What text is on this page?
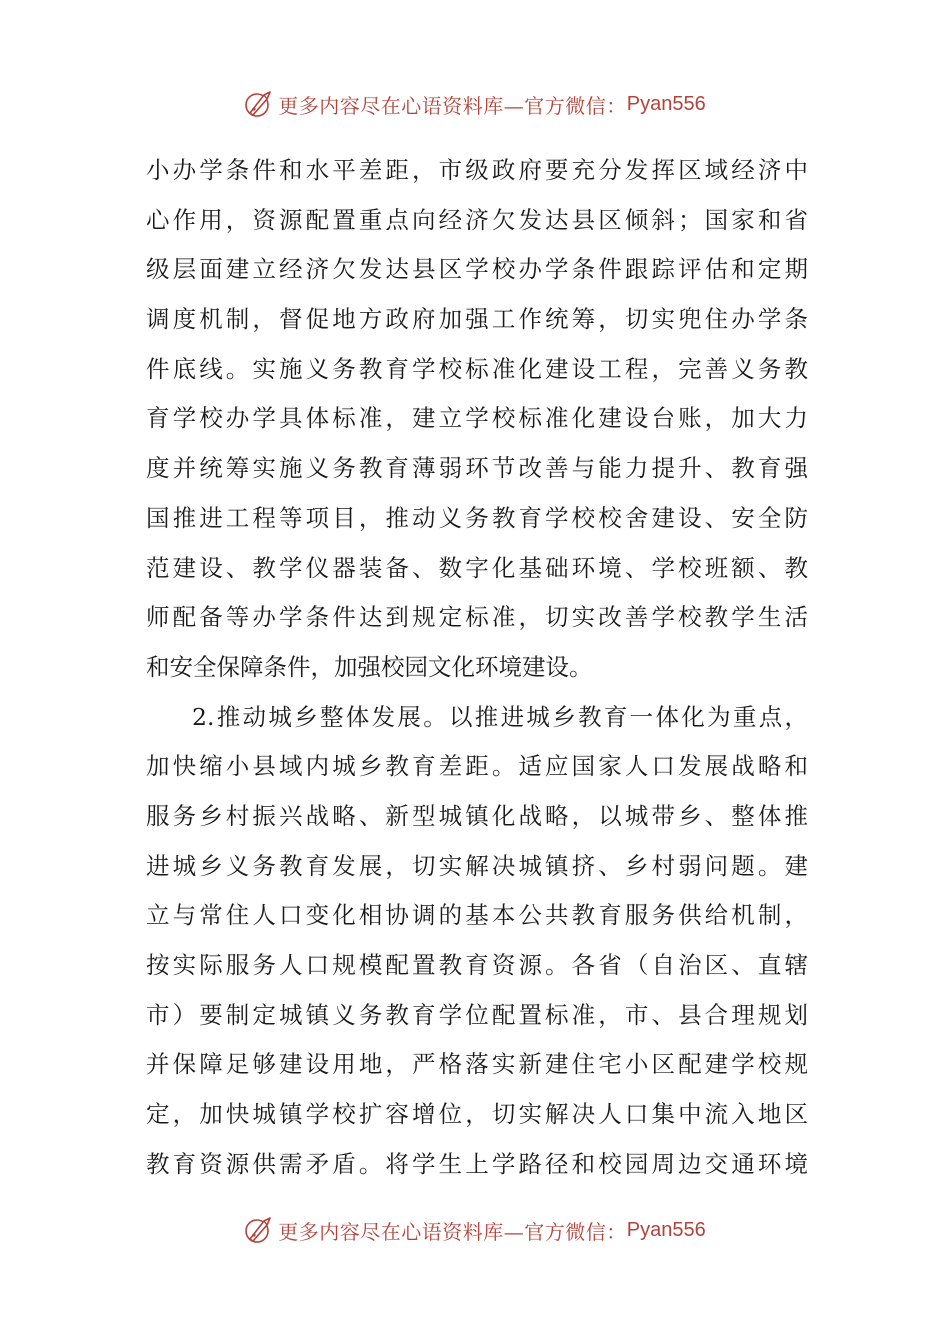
更多内容尽在心语资料库—官方微信： Pyan556
小办学条件和水平差距，市级政府要充分发挥区域经济中
心作用，资源配置重点向经济欠发达县区倾斜；国家和省
级层面建立经济欠发达县区学校办学条件跟踪评估和定期
调度机制，督促地方政府加强工作统筹，切实兜住办学条
件底线。实施义务教育学校标准化建设工程，完善义务教
育学校办学具体标准，建立学校标准化建设台账，加大力
度并统筹实施义务教育薄弱环节改善与能力提升、教育强
国推进工程等项目，推动义务教育学校校舍建设、安全防
范建设、教学仪器装备、数字化基础环境、学校班额、教
师配备等办学条件达到规定标准，切实改善学校教学生活
和安全保障条件，加强校园文化环境建设。
2.推动城乡整体发展。以推进城乡教育一体化为重点，
加快缩小县域内城乡教育差距。适应国家人口发展战略和
服务乡村振兴战略、新型城镇化战略，以城带乡、整体推
进城乡义务教育发展，切实解决城镇挤、乡村弱问题。建
立与常住人口变化相协调的基本公共教育服务供给机制，
按实际服务人口规模配置教育资源。各省（自治区、直辖
市）要制定城镇义务教育学位配置标准，市、县合理规划
并保障足够建设用地，严格落实新建住宅小区配建学校规
定，加快城镇学校扩容增位，切实解决人口集中流入地区
教育资源供需矛盾。将学生上学路径和校园周边交通环境
更多内容尽在心语资料库—官方微信： Pyan556
